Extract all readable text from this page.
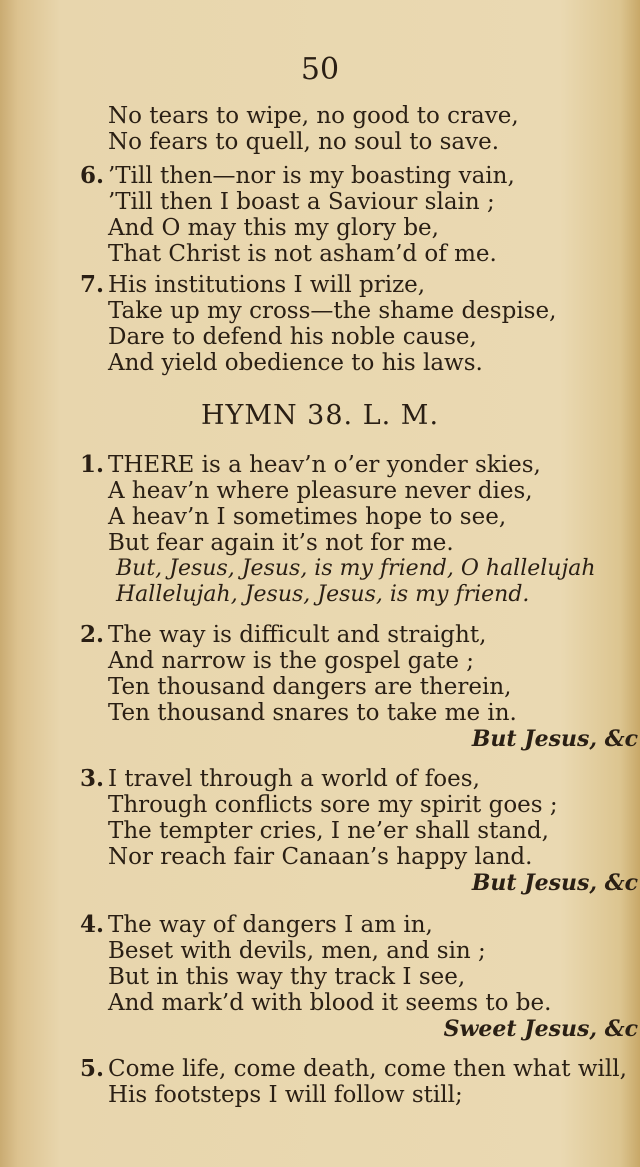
50
No tears to wipe, no good to crave,
No fears to quell, no soul to save.
6. ’Till then—nor is my boasting vain,
’Till then I boast a Saviour slain ;
And O may this my glory be,
That Christ is not asham’d of me.
7. His institutions I will prize,
Take up my cross—the shame despise,
Dare to defend his noble cause,
And yield obedience to his laws.
HYMN 38. L. M.
1. THERE is a heav’n o’er yonder skies,
A heav’n where pleasure never dies,
A heav’n I sometimes hope to see,
But fear again it’s not for me.
But, Jesus, Jesus, is my friend, O hallelujah
Hallelujah, Jesus, Jesus, is my friend.
2. The way is difficult and straight,
And narrow is the gospel gate ;
Ten thousand dangers are therein,
Ten thousand snares to take me in.
But Jesus, &c
3. I travel through a world of foes,
Through conflicts sore my spirit goes ;
The tempter cries, I ne’er shall stand,
Nor reach fair Canaan’s happy land.
But Jesus, &c
4. The way of dangers I am in,
Beset with devils, men, and sin ;
But in this way thy track I see,
And mark’d with blood it seems to be.
Sweet Jesus, &c
5. Come life, come death, come then what will,
His footsteps I will follow still;
